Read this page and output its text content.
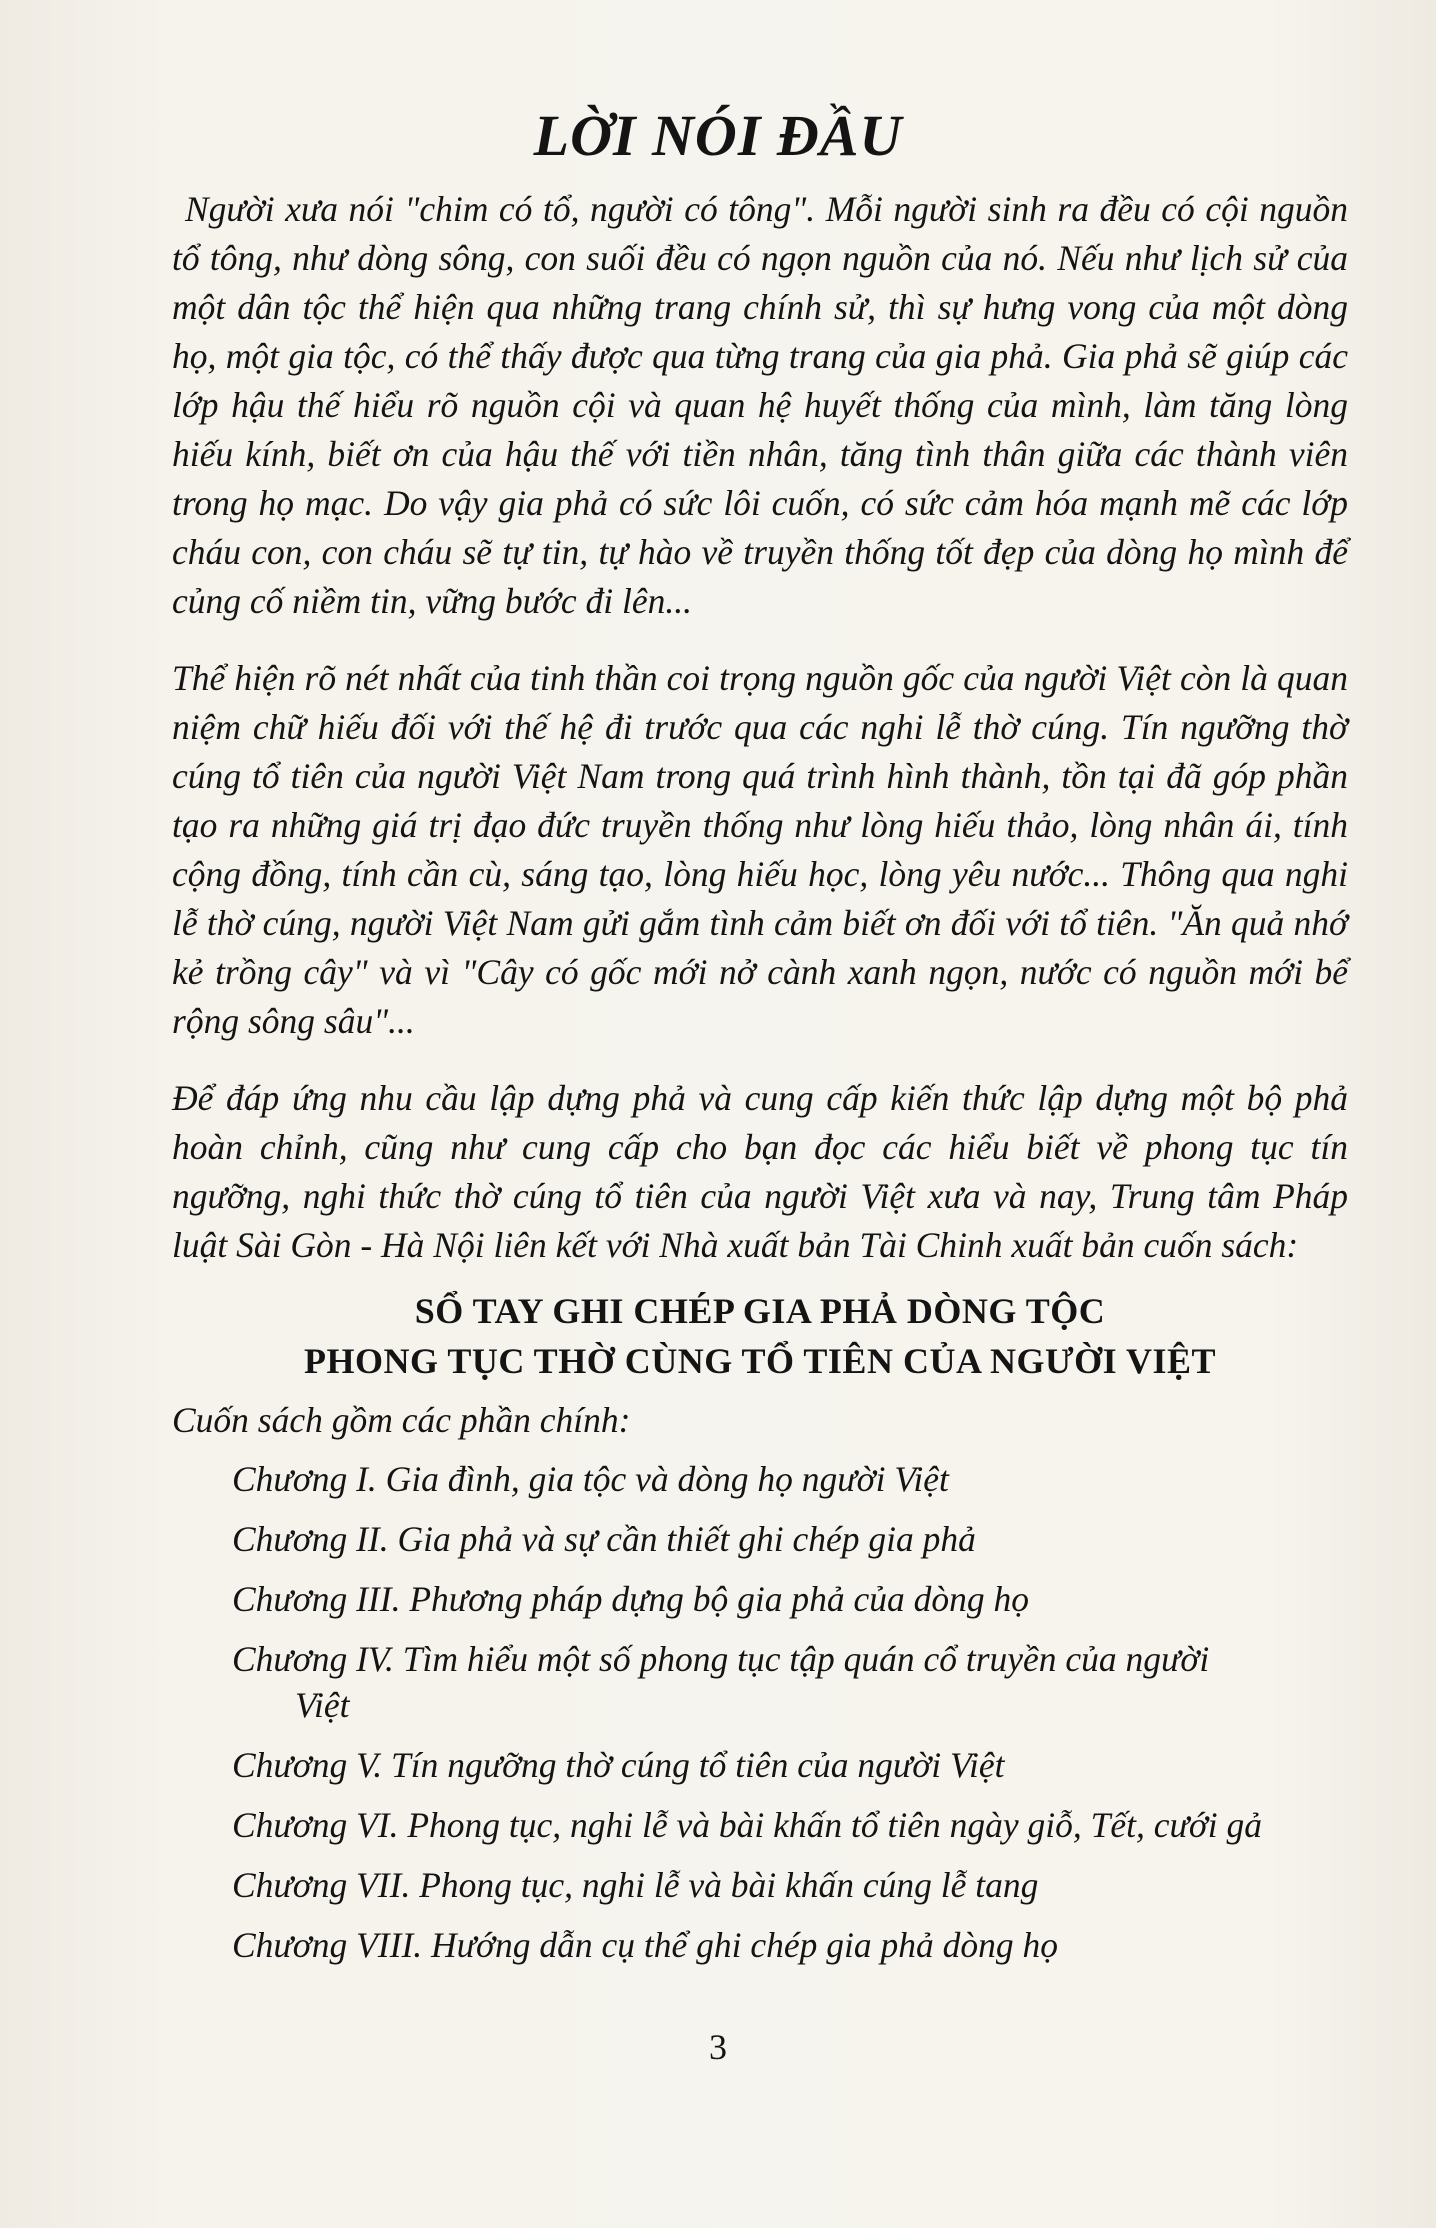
LỜI NÓI ĐẦU

Người xưa nói "chim có tổ, người có tông". Mỗi người sinh ra đều có cội nguồn tổ tông, như dòng sông, con suối đều có ngọn nguồn của nó. Nếu như lịch sử của một dân tộc thể hiện qua những trang chính sử, thì sự hưng vong của một dòng họ, một gia tộc, có thể thấy được qua từng trang của gia phả. Gia phả sẽ giúp các lớp hậu thế hiểu rõ nguồn cội và quan hệ huyết thống của mình, làm tăng lòng hiếu kính, biết ơn của hậu thế với tiền nhân, tăng tình thân giữa các thành viên trong họ mạc. Do vậy gia phả có sức lôi cuốn, có sức cảm hóa mạnh mẽ các lớp cháu con, con cháu sẽ tự tin, tự hào về truyền thống tốt đẹp của dòng họ mình để củng cố niềm tin, vững bước đi lên...

Thể hiện rõ nét nhất của tinh thần coi trọng nguồn gốc của người Việt còn là quan niệm chữ hiếu đối với thế hệ đi trước qua các nghi lễ thờ cúng. Tín ngưỡng thờ cúng tổ tiên của người Việt Nam trong quá trình hình thành, tồn tại đã góp phần tạo ra những giá trị đạo đức truyền thống như lòng hiếu thảo, lòng nhân ái, tính cộng đồng, tính cần cù, sáng tạo, lòng hiếu học, lòng yêu nước... Thông qua nghi lễ thờ cúng, người Việt Nam gửi gắm tình cảm biết ơn đối với tổ tiên. "Ăn quả nhớ kẻ trồng cây" và vì "Cây có gốc mới nở cành xanh ngọn, nước có nguồn mới bể rộng sông sâu"...

Để đáp ứng nhu cầu lập dựng phả và cung cấp kiến thức lập dựng một bộ phả hoàn chỉnh, cũng như cung cấp cho bạn đọc các hiểu biết về phong tục tín ngưỡng, nghi thức thờ cúng tổ tiên của người Việt xưa và nay, Trung tâm Pháp luật Sài Gòn - Hà Nội liên kết với Nhà xuất bản Tài Chinh xuất bản cuốn sách:

SỔ TAY GHI CHÉP GIA PHẢ DÒNG TỘC

PHONG TỤC THỜ CÙNG TỔ TIÊN CỦA NGƯỜI VIỆT

Cuốn sách gồm các phần chính:

Chương I. Gia đình, gia tộc và dòng họ người Việt
Chương II. Gia phả và sự cần thiết ghi chép gia phả
Chương III. Phương pháp dựng bộ gia phả của dòng họ
Chương IV. Tìm hiểu một số phong tục tập quán cổ truyền của người
Việt
Chương V. Tín ngưỡng thờ cúng tổ tiên của người Việt
Chương VI. Phong tục, nghi lễ và bài khấn tổ tiên ngày giỗ, Tết, cưới gả
Chương VII. Phong tục, nghi lễ và bài khấn cúng lễ tang
Chương VIII. Hướng dẫn cụ thể ghi chép gia phả dòng họ

3
